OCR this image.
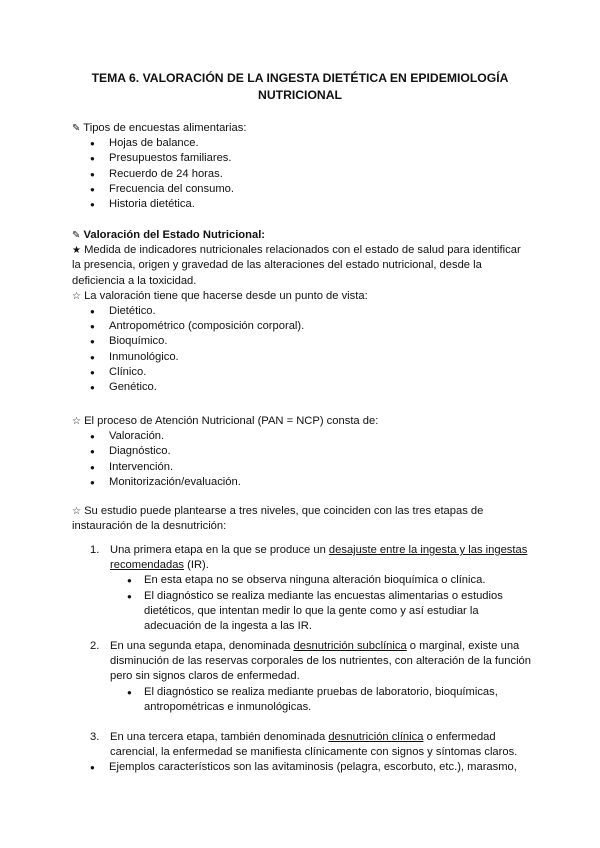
TEMA 6. VALORACIÓN DE LA INGESTA DIETÉTICA EN EPIDEMIOLOGÍA
NUTRICIONAL
✎ Tipos de encuestas alimentarias:
● Hojas de balance.
● Presupuestos familiares.
● Recuerdo de 24 horas.
● Frecuencia del consumo.
● Historia dietética.
✎ Valoración del Estado Nutricional:
★ Medida de indicadores nutricionales relacionados con el estado de salud para identificar
la presencia, origen y gravedad de las alteraciones del estado nutricional, desde la
deficiencia a la toxicidad.
☆ La valoración tiene que hacerse desde un punto de vista:
● Dietético.
● Antropométrico (composición corporal).
● Bioquímico.
● Inmunológico.
● Clínico.
● Genético.
☆ El proceso de Atención Nutricional (PAN = NCP) consta de:
● Valoración.
● Diagnóstico.
● Intervención.
● Monitorización/evaluación.
☆ Su estudio puede plantearse a tres niveles, que coinciden con las tres etapas de
instauración de la desnutrición:
1. Una primera etapa en la que se produce un desajuste entre la ingesta y las ingestas
recomendadas (IR).
● En esta etapa no se observa ninguna alteración bioquímica o clínica.
● El diagnóstico se realiza mediante las encuestas alimentarias o estudios
dietéticos, que intentan medir lo que la gente como y así estudiar la
adecuación de la ingesta a las IR.
2. En una segunda etapa, denominada desnutrición subclínica o marginal, existe una
disminución de las reservas corporales de los nutrientes, con alteración de la función
pero sin signos claros de enfermedad.
● El diagnóstico se realiza mediante pruebas de laboratorio, bioquímicas,
antropométricas e inmunológicas.
3. En una tercera etapa, también denominada desnutrición clínica o enfermedad
carencial, la enfermedad se manifiesta clínicamente con signos y síntomas claros.
● Ejemplos característicos son las avitaminosis (pelagra, escorbuto, etc.), marasmo,
